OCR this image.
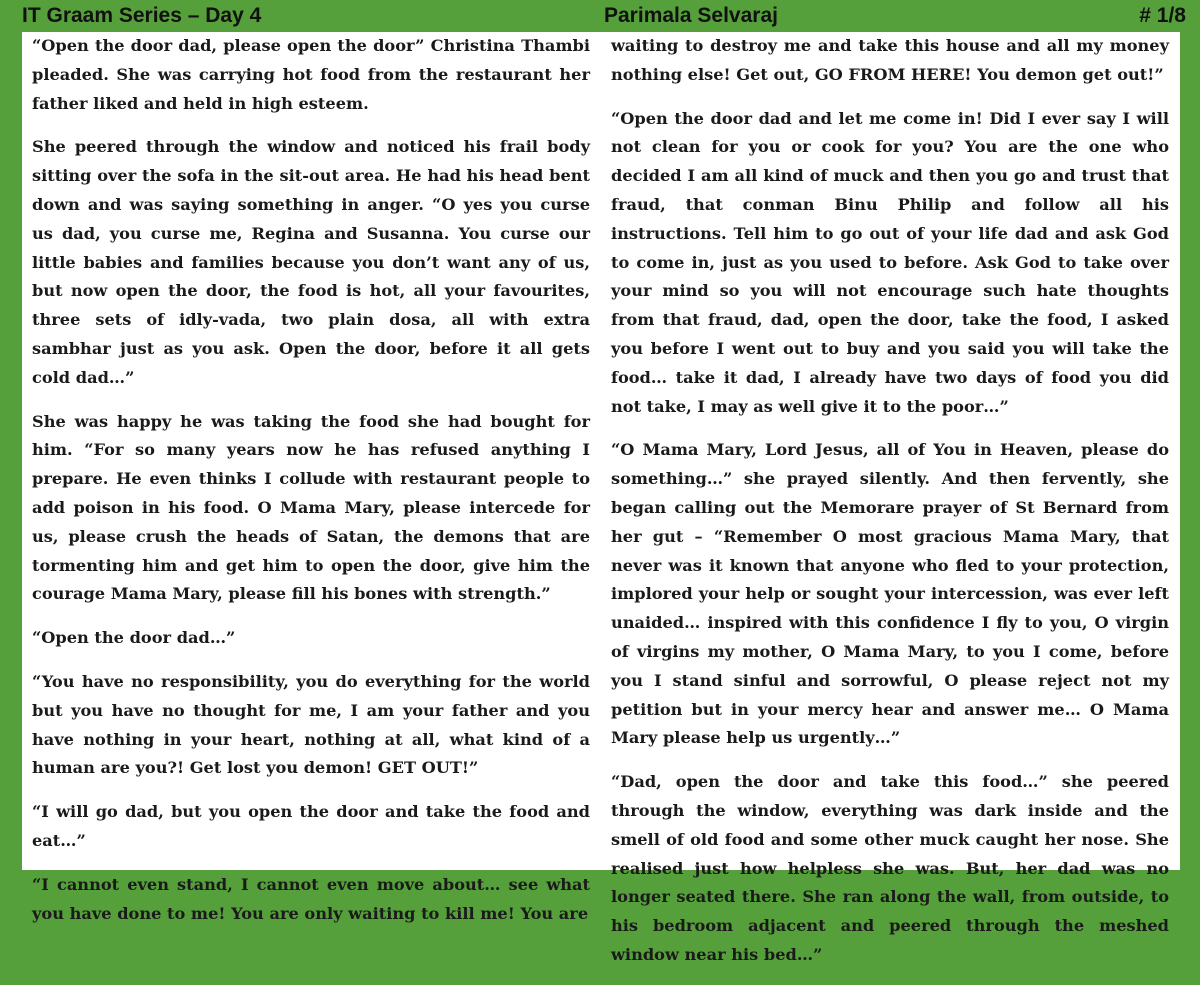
IT Graam Series – Day 4	Parimala Selvaraj	# 1/8

“Open the door dad, please open the door” Christina Thambi pleaded. She was carrying hot food from the restaurant her father liked and held in high esteem.

She peered through the window and noticed his frail body sitting over the sofa in the sit-out area. He had his head bent down and was saying something in anger. “O yes you curse us dad, you curse me, Regina and Susanna. You curse our little babies and families because you don’t want any of us, but now open the door, the food is hot, all your favourites, three sets of idly-vada, two plain dosa, all with extra sambhar just as you ask. Open the door, before it all gets cold dad…”

She was happy he was taking the food she had bought for him. “For so many years now he has refused anything I prepare. He even thinks I collude with restaurant people to add poison in his food. O Mama Mary, please intercede for us, please crush the heads of Satan, the demons that are tormenting him and get him to open the door, give him the courage Mama Mary, please fill his bones with strength.”

“Open the door dad…”

“You have no responsibility, you do everything for the world but you have no thought for me, I am your father and you have nothing in your heart, nothing at all, what kind of a human are you?! Get lost you demon! GET OUT!”

“I will go dad, but you open the door and take the food and eat…”

“I cannot even stand, I cannot even move about… see what you have done to me! You are only waiting to kill me! You are

waiting to destroy me and take this house and all my money nothing else! Get out, GO FROM HERE! You demon get out!”

“Open the door dad and let me come in! Did I ever say I will not clean for you or cook for you? You are the one who decided I am all kind of muck and then you go and trust that fraud, that conman Binu Philip and follow all his instructions. Tell him to go out of your life dad and ask God to come in, just as you used to before. Ask God to take over your mind so you will not encourage such hate thoughts from that fraud, dad, open the door, take the food, I asked you before I went out to buy and you said you will take the food… take it dad, I already have two days of food you did not take, I may as well give it to the poor…”

“O Mama Mary, Lord Jesus, all of You in Heaven, please do something…” she prayed silently. And then fervently, she began calling out the Memorare prayer of St Bernard from her gut – “Remember O most gracious Mama Mary, that never was it known that anyone who fled to your protection, implored your help or sought your intercession, was ever left unaided… inspired with this confidence I fly to you, O virgin of virgins my mother, O Mama Mary, to you I come, before you I stand sinful and sorrowful, O please reject not my petition but in your mercy hear and answer me… O Mama Mary please help us urgently…”

“Dad, open the door and take this food…” she peered through the window, everything was dark inside and the smell of old food and some other muck caught her nose. She realised just how helpless she was. But, her dad was no longer seated there. She ran along the wall, from outside, to his bedroom adjacent and peered through the meshed window near his bed…”
